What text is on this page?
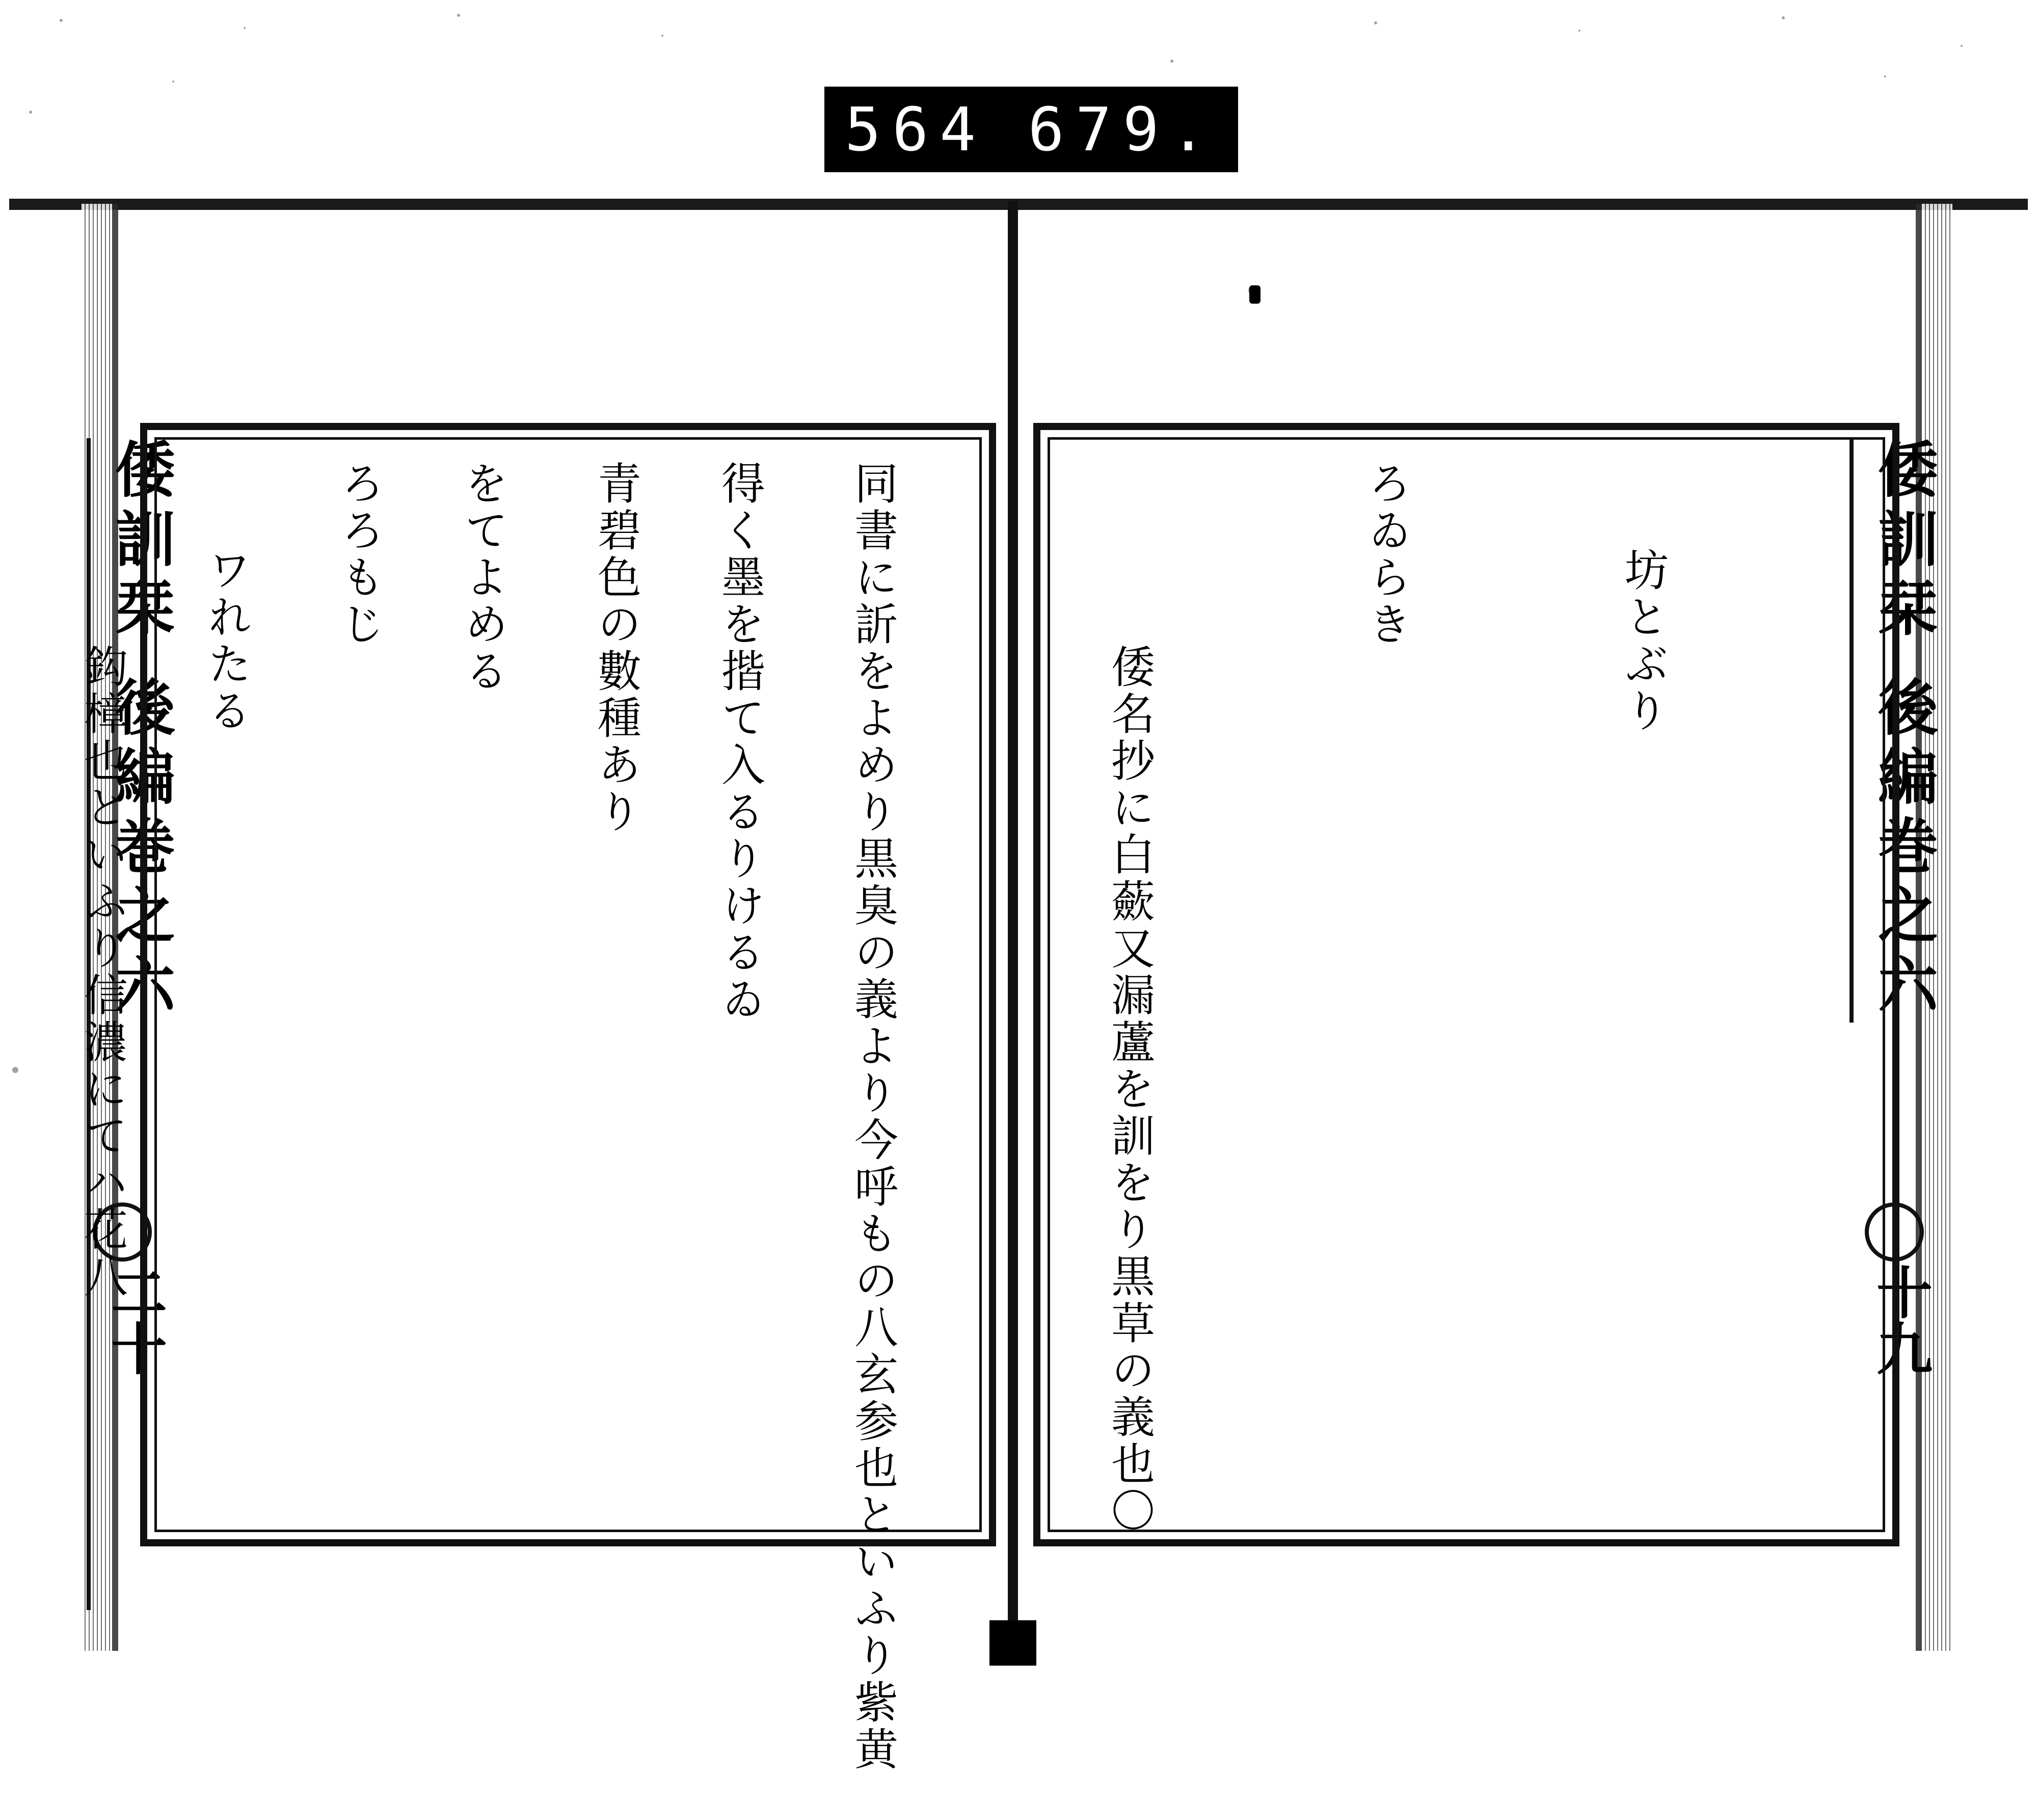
564 679.
倭訓栞 後編巻之六
二十
倭訓栞 後編巻之六
十九

得く墨を揩て入るりけるゐ

をてよめる

ワれたる

	坊とぶり

ろゐらき

倭名抄に白蘝又漏蘆を訓をり黒草の義也〇

同書に訢をよめり黒臭の義より今呼もの八玄参也といふり紫黄

青碧色の數種あり

ろろもじ

鈎樟也といふり信濃にてハ花八
